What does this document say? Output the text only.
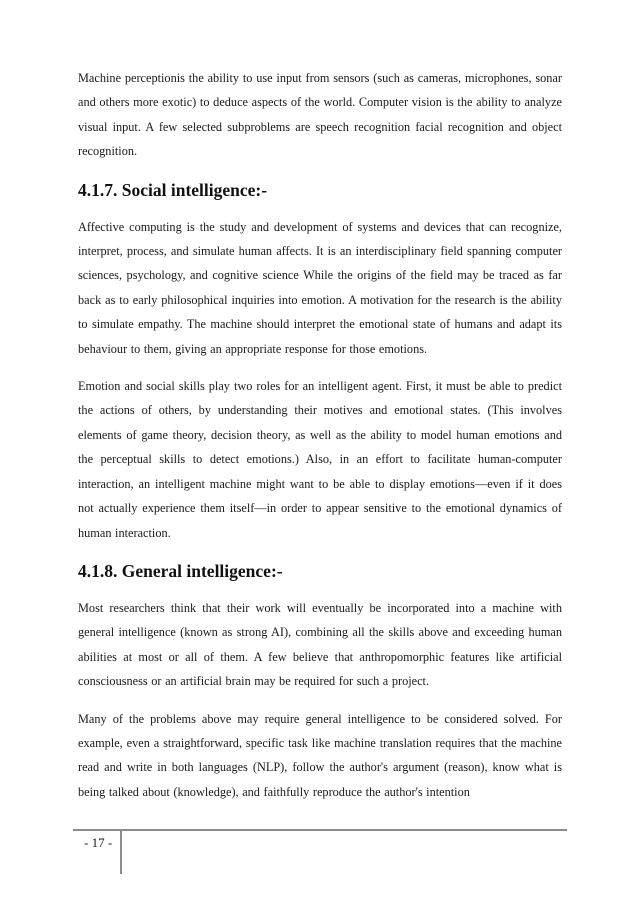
Machine perceptionis the ability to use input from sensors (such as cameras, microphones, sonar and others more exotic) to deduce aspects of the world. Computer vision is the ability to analyze visual input. A few selected subproblems are speech recognition facial recognition and object recognition.

4.1.7. Social intelligence:-

Affective computing is the study and development of systems and devices that can recognize, interpret, process, and simulate human affects. It is an interdisciplinary field spanning computer sciences, psychology, and cognitive science While the origins of the field may be traced as far back as to early philosophical inquiries into emotion. A motivation for the research is the ability to simulate empathy. The machine should interpret the emotional state of humans and adapt its behaviour to them, giving an appropriate response for those emotions.

Emotion and social skills play two roles for an intelligent agent. First, it must be able to predict the actions of others, by understanding their motives and emotional states. (This involves elements of game theory, decision theory, as well as the ability to model human emotions and the perceptual skills to detect emotions.) Also, in an effort to facilitate human-computer interaction, an intelligent machine might want to be able to display emotions—even if it does not actually experience them itself—in order to appear sensitive to the emotional dynamics of human interaction.

4.1.8. General intelligence:-

Most researchers think that their work will eventually be incorporated into a machine with general intelligence (known as strong AI), combining all the skills above and exceeding human abilities at most or all of them. A few believe that anthropomorphic features like artificial consciousness or an artificial brain may be required for such a project.

Many of the problems above may require general intelligence to be considered solved. For example, even a straightforward, specific task like machine translation requires that the machine read and write in both languages (NLP), follow the author's argument (reason), know what is being talked about (knowledge), and faithfully reproduce the author's intention

- 17 -
